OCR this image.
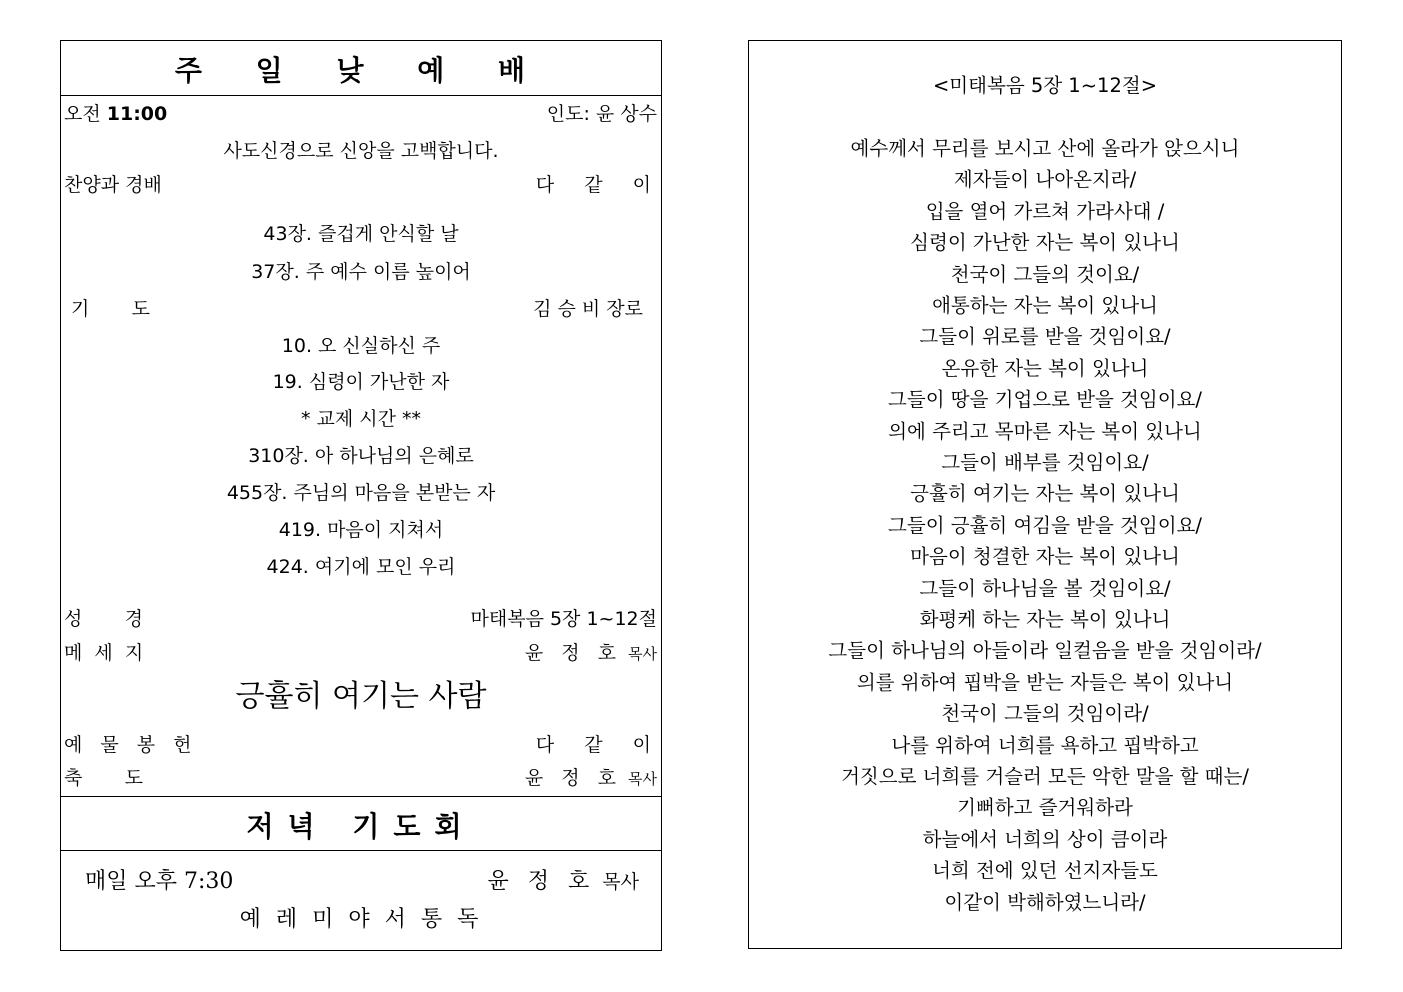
주 일 낮 예 배
오전 11:00	인도: 윤 상수
사도신경으로 신앙을 고백합니다.
찬양과 경배	다  같  이
43장. 즐겁게 안식할 날
37장. 주 예수 이름 높이어
기       도	김 승 비 장로
10. 오 신실하신 주
19. 심령이 가난한 자
* 교제 시간 **
310장. 아 하나님의 은혜로
455장. 주님의 마음을 본받는 자
419. 마음이 지쳐서
424. 여기에 모인 우리
성       경	마태복음 5장 1~12절
메  세  지	윤 정 호 목사
긍휼히 여기는 사람
예 물 봉 헌	다  같  이
축       도	윤 정 호 목사
저녁 기도회
매일 오후 7:30	윤 정 호 목사
예 레 미 야 서 통 독
<미태복음 5장 1~12절>
예수께서 무리를 보시고 산에 올라가 앉으시니
제자들이 나아온지라/
입을 열어 가르쳐 가라사대 /
심령이 가난한 자는 복이 있나니
천국이 그들의 것이요/
애통하는 자는 복이 있나니
그들이 위로를 받을 것임이요/
온유한 자는 복이 있나니
그들이 땅을 기업으로 받을 것임이요/
의에 주리고 목마른 자는 복이 있나니
그들이 배부를 것임이요/
긍휼히 여기는 자는 복이 있나니
그들이 긍휼히 여김을 받을 것임이요/
마음이 청결한 자는 복이 있나니
그들이 하나님을 볼 것임이요/
화평케 하는 자는 복이 있나니
그들이 하나님의 아들이라 일컬음을 받을 것임이라/
의를 위하여 핍박을 받는 자들은 복이 있나니
천국이 그들의 것임이라/
나를 위하여 너희를 욕하고 핍박하고
거짓으로 너희를 거슬러 모든 악한 말을 할 때는/
기뻐하고 즐거워하라
하늘에서 너희의 상이 큼이라
너희 전에 있던 선지자들도
이같이 박해하였느니라/
